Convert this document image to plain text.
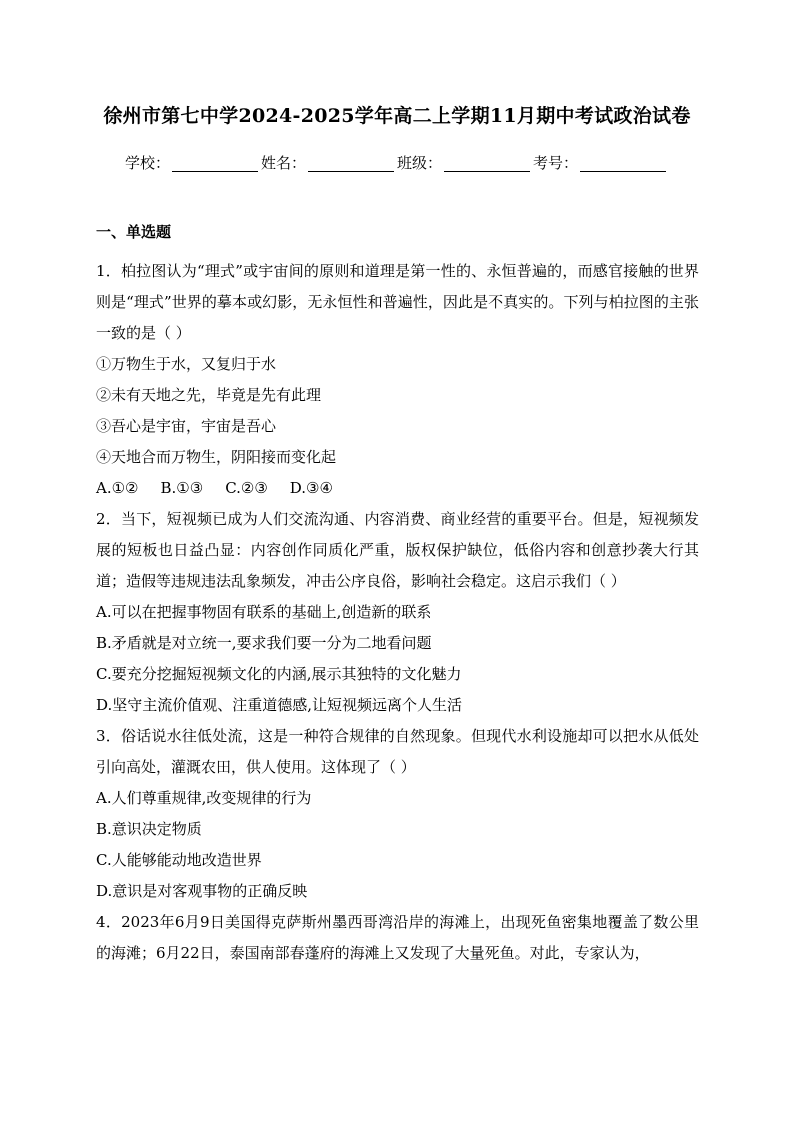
徐州市第七中学2024-2025学年高二上学期11月期中考试政治试卷
学校：	姓名：	班级：	考号：
一、单选题

1．柏拉图认为“理式”或宇宙间的原则和道理是第一性的、永恒普遍的，而感官接触的世界则是“理式”世界的摹本或幻影，无永恒性和普遍性，因此是不真实的。下列与柏拉图的主张一致的是（ ）

①万物生于水，又复归于水

②未有天地之先，毕竟是先有此理

③吾心是宇宙，宇宙是吾心

④天地合而万物生，阴阳接而变化起

A.①② B.①③ C.②③ D.③④

2．当下，短视频已成为人们交流沟通、内容消费、商业经营的重要平台。但是，短视频发展的短板也日益凸显：内容创作同质化严重，版权保护缺位，低俗内容和创意抄袭大行其道；造假等违规违法乱象频发，冲击公序良俗，影响社会稳定。这启示我们（ ）

A.可以在把握事物固有联系的基础上,创造新的联系

B.矛盾就是对立统一,要求我们要一分为二地看问题

C.要充分挖掘短视频文化的内涵,展示其独特的文化魅力

D.坚守主流价值观、注重道德感,让短视频远离个人生活

3．俗话说水往低处流，这是一种符合规律的自然现象。但现代水利设施却可以把水从低处引向高处，灌溉农田，供人使用。这体现了（ ）

A.人们尊重规律,改变规律的行为

B.意识决定物质

C.人能够能动地改造世界

D.意识是对客观事物的正确反映

4．2023年6月9日美国得克萨斯州墨西哥湾沿岸的海滩上，出现死鱼密集地覆盖了数公里的海滩；6月22日，泰国南部春蓬府的海滩上又发现了大量死鱼。对此，专家认为，
